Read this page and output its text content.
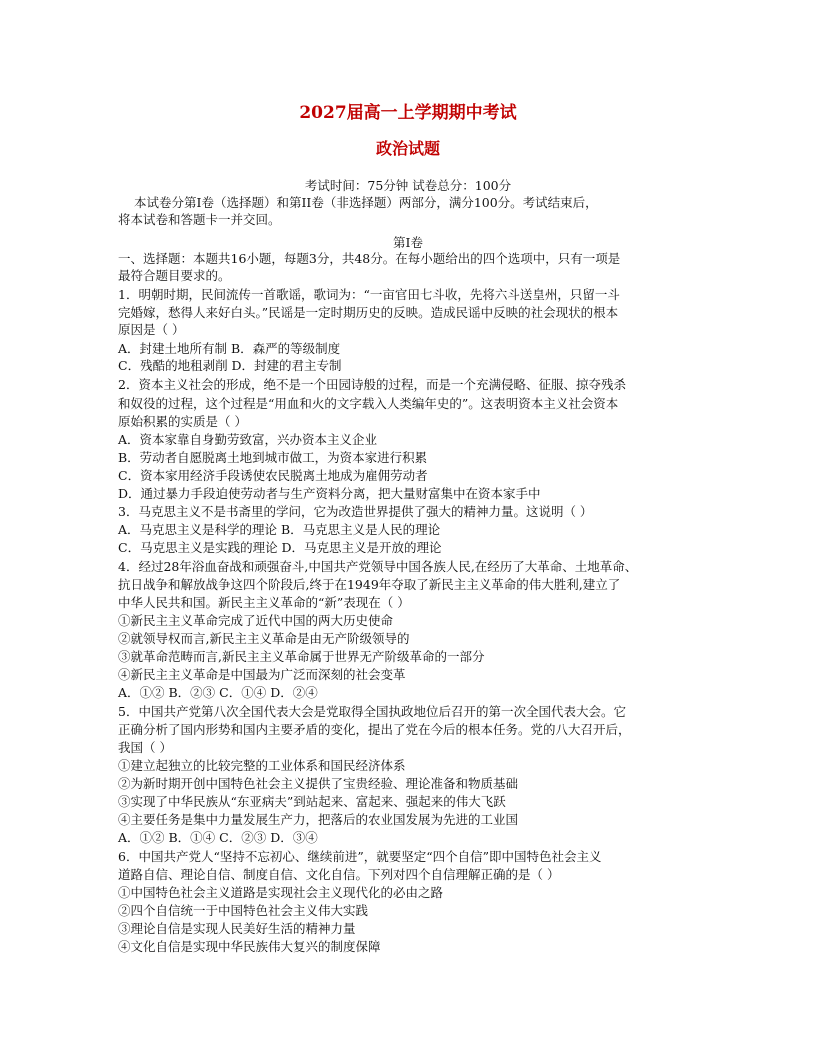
2027届高一上学期期中考试
政治试题
考试时间：75分钟 试卷总分：100分
本试卷分第I卷（选择题）和第II卷（非选择题）两部分，满分100分。考试结束后，
将本试卷和答题卡一并交回。
第I卷
一、选择题：本题共16小题，每题3分，共48分。在每小题给出的四个选项中，只有一项是
最符合题目要求的。
1．明朝时期，民间流传一首歌谣，歌词为：“一亩官田七斗收，先将六斗送皇州，只留一斗
完婚嫁，愁得人来好白头。”民谣是一定时期历史的反映。造成民谣中反映的社会现状的根本
原因是（ ）
A．封建土地所有制 B．森严的等级制度
C．残酷的地租剥削 D．封建的君主专制
2．资本主义社会的形成，绝不是一个田园诗般的过程，而是一个充满侵略、征服、掠夺残杀
和奴役的过程，这个过程是“用血和火的文字载入人类编年史的”。这表明资本主义社会资本
原始积累的实质是（ ）
A．资本家靠自身勤劳致富，兴办资本主义企业
B．劳动者自愿脱离土地到城市做工，为资本家进行积累
C．资本家用经济手段诱使农民脱离土地成为雇佣劳动者
D．通过暴力手段迫使劳动者与生产资料分离，把大量财富集中在资本家手中
3．马克思主义不是书斋里的学问，它为改造世界提供了强大的精神力量。这说明（ ）
A．马克思主义是科学的理论 B．马克思主义是人民的理论
C．马克思主义是实践的理论 D．马克思主义是开放的理论
4．经过28年浴血奋战和顽强奋斗,中国共产党领导中国各族人民,在经历了大革命、土地革命、
抗日战争和解放战争这四个阶段后,终于在1949年夺取了新民主主义革命的伟大胜利,建立了
中华人民共和国。新民主主义革命的“新”表现在（ ）
①新民主主义革命完成了近代中国的两大历史使命
②就领导权而言,新民主主义革命是由无产阶级领导的
③就革命范畴而言,新民主主义革命属于世界无产阶级革命的一部分
④新民主主义革命是中国最为广泛而深刻的社会变革
A．①② B．②③ C．①④ D．②④
5．中国共产党第八次全国代表大会是党取得全国执政地位后召开的第一次全国代表大会。它
正确分析了国内形势和国内主要矛盾的变化，提出了党在今后的根本任务。党的八大召开后，
我国（ ）
①建立起独立的比较完整的工业体系和国民经济体系
②为新时期开创中国特色社会主义提供了宝贵经验、理论准备和物质基础
③实现了中华民族从“东亚病夫”到站起来、富起来、强起来的伟大飞跃
④主要任务是集中力量发展生产力，把落后的农业国发展为先进的工业国
A．①② B．①④ C．②③ D．③④
6．中国共产党人“坚持不忘初心、继续前进”，就要坚定“四个自信”即中国特色社会主义
道路自信、理论自信、制度自信、文化自信。下列对四个自信理解正确的是（ ）
①中国特色社会主义道路是实现社会主义现代化的必由之路
②四个自信统一于中国特色社会主义伟大实践
③理论自信是实现人民美好生活的精神力量
④文化自信是实现中华民族伟大复兴的制度保障
